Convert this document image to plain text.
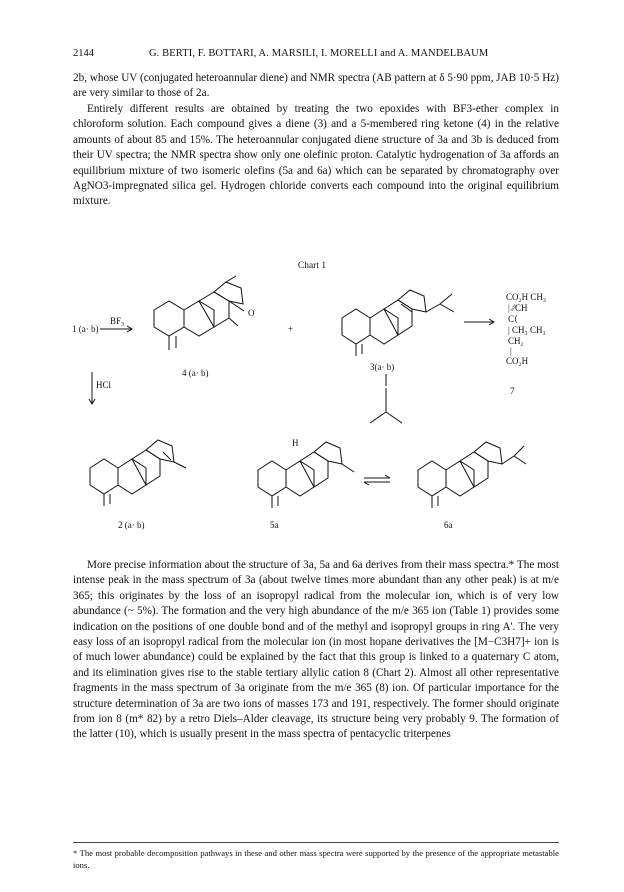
2144	G. BERTI, F. BOTTARI, A. MARSILI, I. MORELLI and A. MANDELBAUM

2b, whose UV (conjugated heteroannular diene) and NMR spectra (AB pattern at δ 5·90 ppm, JAB 10·5 Hz) are very similar to those of 2a.

Entirely different results are obtained by treating the two epoxides with BF3-ether complex in chloroform solution. Each compound gives a diene (3) and a 5-membered ring ketone (4) in the relative amounts of about 85 and 15%. The heteroannular conjugated diene structure of 3a and 3b is deduced from their UV spectra; the NMR spectra show only one olefinic proton. Catalytic hydrogenation of 3a affords an equilibrium mixture of two isomeric olefins (5a and 6a) which can be separated by chromatography over AgNO3-impregnated silica gel. Hydrogen chloride converts each compound into the original equilibrium mixture.

Chart 1
O
H
1 (a· b)
$BF_3$
HCl
4 (a· b)
+
3(a· b)
2 (a· b)	5a	6a
7
CO₂H CH₃
| ⁄⁄CH
C⟨
| CH₃ CH₃
CH₂
|
CO₂H

More precise information about the structure of 3a, 5a and 6a derives from their mass spectra.* The most intense peak in the mass spectrum of 3a (about twelve times more abundant than any other peak) is at m/e 365; this originates by the loss of an isopropyl radical from the molecular ion, which is of very low abundance (~ 5%). The formation and the very high abundance of the m/e 365 ion (Table 1) provides some indication on the positions of one double bond and of the methyl and isopropyl groups in ring A'. The very easy loss of an isopropyl radical from the molecular ion (in most hopane derivatives the [M−C3H7]+ ion is of much lower abundance) could be explained by the fact that this group is linked to a quaternary C atom, and its elimination gives rise to the stable tertiary allylic cation 8 (Chart 2). Almost all other representative fragments in the mass spectrum of 3a originate from the m/e 365 (8) ion. Of particular importance for the structure determination of 3a are two ions of masses 173 and 191, respectively. The former should originate from ion 8 (m* 82) by a retro Diels–Alder cleavage, its structure being very probably 9. The formation of the latter (10), which is usually present in the mass spectra of pentacyclic triterpenes

* The most probable decomposition pathways in these and other mass spectra were supported by the presence of the appropriate metastable ions.
